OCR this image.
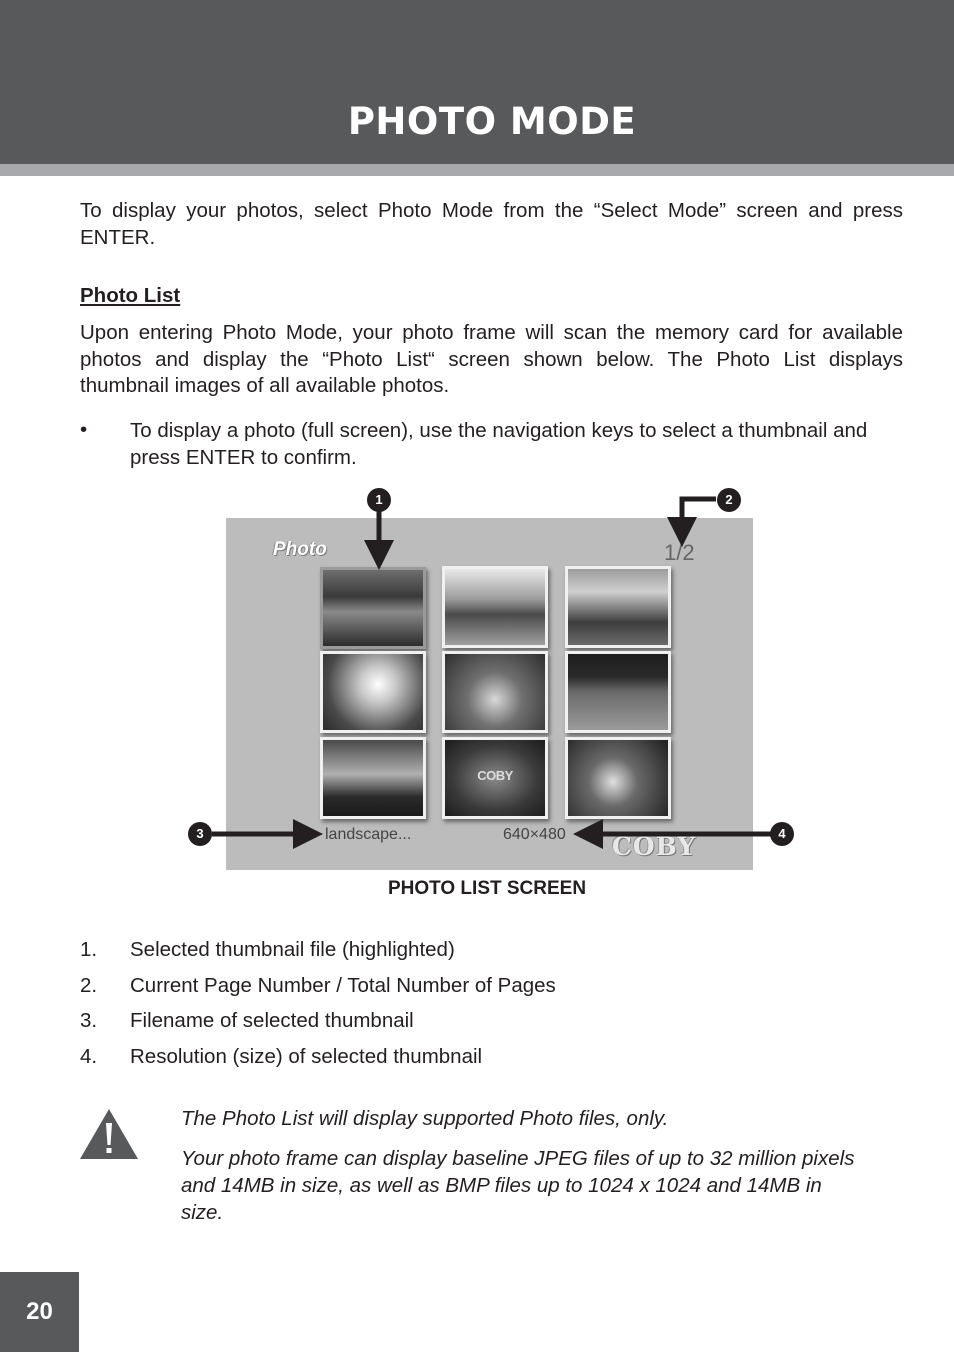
PHOTO MODE

To display your photos, select Photo Mode from the “Select Mode” screen and press ENTER.

Photo List

Upon entering Photo Mode, your photo frame will scan the memory card for available photos and display the “Photo List“ screen shown below. The Photo List displays thumbnail images of all available photos.

• To display a photo (full screen), use the navigation keys to select a thumbnail and press ENTER to confirm.

Photo	1/2
COBY
landscape...	640×480 COBY
1	2
3	4

PHOTO LIST SCREEN

1. Selected thumbnail file (highlighted)
2. Current Page Number / Total Number of Pages
3. Filename of selected thumbnail
4. Resolution (size) of selected thumbnail

The Photo List will display supported Photo files, only.

Your photo frame can display baseline JPEG files of up to 32 million pixels and 14MB in size, as well as BMP files up to 1024 x 1024 and 14MB in size.

20
